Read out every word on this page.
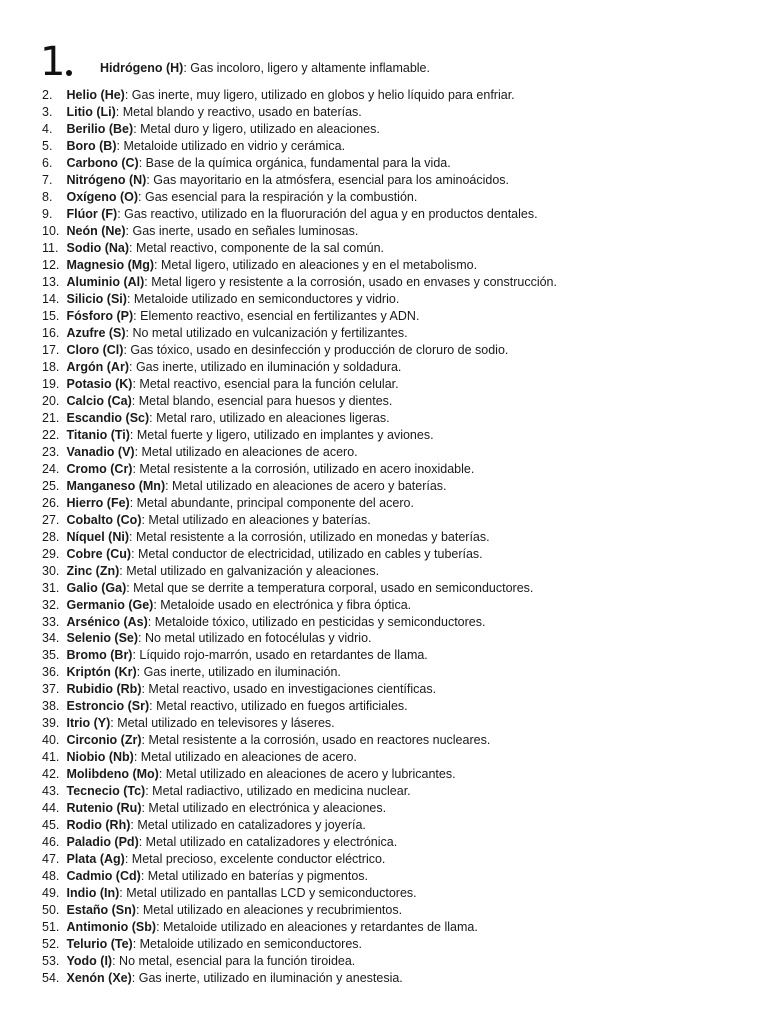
1	Hidrógeno (H): Gas incoloro, ligero y altamente inflamable.
2.	Helio (He): Gas inerte, muy ligero, utilizado en globos y helio líquido para enfriar.
3.	Litio (Li): Metal blando y reactivo, usado en baterías.
4.	Berilio (Be): Metal duro y ligero, utilizado en aleaciones.
5.	Boro (B): Metaloide utilizado en vidrio y cerámica.
6.	Carbono (C): Base de la química orgánica, fundamental para la vida.
7.	Nitrógeno (N): Gas mayoritario en la atmósfera, esencial para los aminoácidos.
8.	Oxígeno (O): Gas esencial para la respiración y la combustión.
9.	Flúor (F): Gas reactivo, utilizado en la fluoruración del agua y en productos dentales.
10. Neón (Ne): Gas inerte, usado en señales luminosas.
11. Sodio (Na): Metal reactivo, componente de la sal común.
12. Magnesio (Mg): Metal ligero, utilizado en aleaciones y en el metabolismo.
13. Aluminio (Al): Metal ligero y resistente a la corrosión, usado en envases y construcción.
14. Silicio (Si): Metaloide utilizado en semiconductores y vidrio.
15. Fósforo (P): Elemento reactivo, esencial en fertilizantes y ADN.
16. Azufre (S): No metal utilizado en vulcanización y fertilizantes.
17. Cloro (Cl): Gas tóxico, usado en desinfección y producción de cloruro de sodio.
18. Argón (Ar): Gas inerte, utilizado en iluminación y soldadura.
19. Potasio (K): Metal reactivo, esencial para la función celular.
20. Calcio (Ca): Metal blando, esencial para huesos y dientes.
21. Escandio (Sc): Metal raro, utilizado en aleaciones ligeras.
22. Titanio (Ti): Metal fuerte y ligero, utilizado en implantes y aviones.
23. Vanadio (V): Metal utilizado en aleaciones de acero.
24. Cromo (Cr): Metal resistente a la corrosión, utilizado en acero inoxidable.
25. Manganeso (Mn): Metal utilizado en aleaciones de acero y baterías.
26. Hierro (Fe): Metal abundante, principal componente del acero.
27. Cobalto (Co): Metal utilizado en aleaciones y baterías.
28. Níquel (Ni): Metal resistente a la corrosión, utilizado en monedas y baterías.
29. Cobre (Cu): Metal conductor de electricidad, utilizado en cables y tuberías.
30. Zinc (Zn): Metal utilizado en galvanización y aleaciones.
31. Galio (Ga): Metal que se derrite a temperatura corporal, usado en semiconductores.
32. Germanio (Ge): Metaloide usado en electrónica y fibra óptica.
33. Arsénico (As): Metaloide tóxico, utilizado en pesticidas y semiconductores.
34. Selenio (Se): No metal utilizado en fotocélulas y vidrio.
35. Bromo (Br): Líquido rojo-marrón, usado en retardantes de llama.
36. Kriptón (Kr): Gas inerte, utilizado en iluminación.
37. Rubidio (Rb): Metal reactivo, usado en investigaciones científicas.
38. Estroncio (Sr): Metal reactivo, utilizado en fuegos artificiales.
39. Itrio (Y): Metal utilizado en televisores y láseres.
40. Circonio (Zr): Metal resistente a la corrosión, usado en reactores nucleares.
41. Niobio (Nb): Metal utilizado en aleaciones de acero.
42. Molibdeno (Mo): Metal utilizado en aleaciones de acero y lubricantes.
43. Tecnecio (Tc): Metal radiactivo, utilizado en medicina nuclear.
44. Rutenio (Ru): Metal utilizado en electrónica y aleaciones.
45. Rodio (Rh): Metal utilizado en catalizadores y joyería.
46. Paladio (Pd): Metal utilizado en catalizadores y electrónica.
47. Plata (Ag): Metal precioso, excelente conductor eléctrico.
48. Cadmio (Cd): Metal utilizado en baterías y pigmentos.
49. Indio (In): Metal utilizado en pantallas LCD y semiconductores.
50. Estaño (Sn): Metal utilizado en aleaciones y recubrimientos.
51. Antimonio (Sb): Metaloide utilizado en aleaciones y retardantes de llama.
52. Telurio (Te): Metaloide utilizado en semiconductores.
53. Yodo (I): No metal, esencial para la función tiroidea.
54. Xenón (Xe): Gas inerte, utilizado en iluminación y anestesia.
